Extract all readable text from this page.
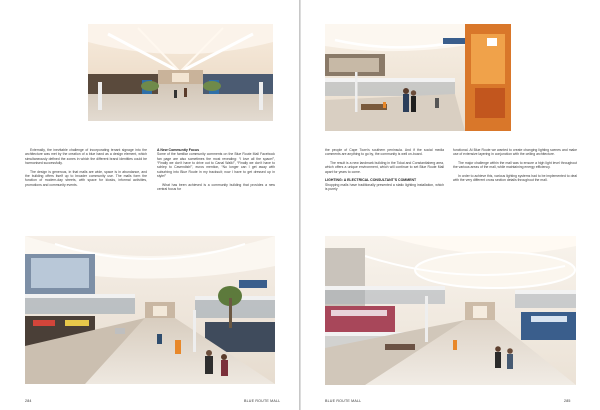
Externally, the inevitable challenge of incorporating tenant signage into the architecture was met by the creation of a blue band as a design element, which simultaneously defined the zones in which the different brand identities could be harmonised successfully.

The design is generous, in that malls are wide, space is in abundance, and the building offers itself up to broader community use. The malls form the function of modern-day streets, with space for kiosks, informal activities, promotions and community events.

A New Community Focus

Some of the familiar community comments on the Blue Route Mall Facebook fan page are also sometimes the most revealing: “I love all the space!”, “Finally we don’t have to drive out to Canal Walk!”, “Finally we don’t have to schlep to Cavendish!”, euros mention, “No longer can I get away with suburbing into Blue Route in my tracksuit; now I have to get dressed up in style!”

What has been achieved is a community building that provides a new central focus for

284	BLUE ROUTE MALL

the people of Cape Town’s southern peninsula. And if the social media comments are anything to go by, the community is well on-board.

The result is a new landmark building in the Tokai and Constantiaberg area, which offers a unique environment, which will continue to set Blue Route Mall apart for years to come.

LIGHTING: A ELECTRICAL CONSULTANT’S COMMENT

Shopping malls have traditionally presented a static lighting installation, which is purely

functional. At Blue Route we wanted to create changing lighting scenes and make use of extensive layering in conjunction with the ceiling architecture.

The major challenge within the mall was to ensure a high light level throughout the various areas of the mall, while maintaining energy efficiency.

In order to achieve this, various lighting systems had to be implemented to deal with the very different cross section details throughout the mall.

BLUE ROUTE MALL	285
